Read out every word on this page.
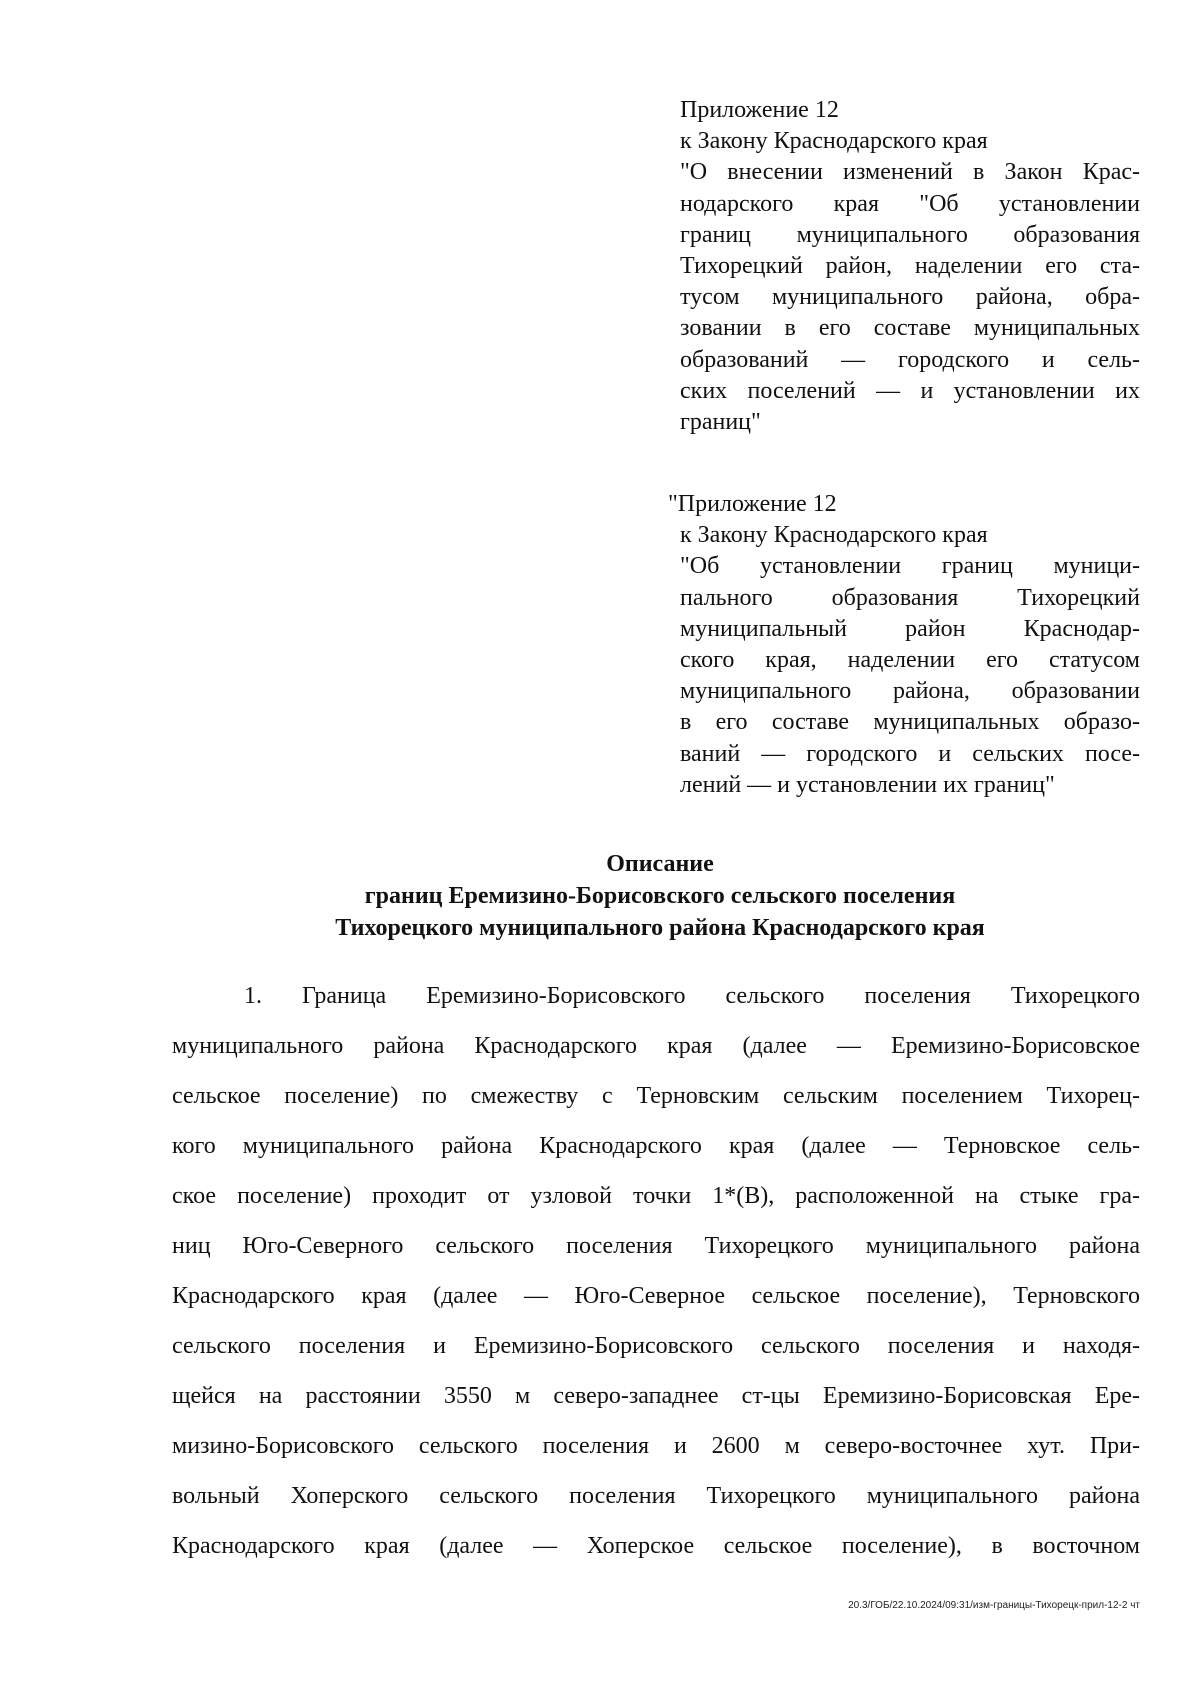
Приложение 12
к Закону Краснодарского края
"О внесении изменений в Закон Крас-
нодарского края "Об установлении
границ муниципального образования
Тихорецкий район, наделении его ста-
тусом муниципального района, обра-
зовании в его составе муниципальных
образований — городского и сель-
ских поселений — и установлении их
границ"
"Приложение 12
к Закону Краснодарского края
"Об установлении границ муници-
пального образования Тихорецкий
муниципальный район Краснодар-
ского края, наделении его статусом
муниципального района, образовании
в его составе муниципальных образо-
ваний — городского и сельских посе-
лений — и установлении их границ"
Описание
границ Еремизино-Борисовского сельского поселения
Тихорецкого муниципального района Краснодарского края
1. Граница Еремизино-Борисовского сельского поселения Тихорецкого
муниципального района Краснодарского края (далее — Еремизино-Борисовское
сельское поселение) по смежеству с Терновским сельским поселением Тихорец-
кого муниципального района Краснодарского края (далее — Терновское сель-
ское поселение) проходит от узловой точки 1*(В), расположенной на стыке гра-
ниц Юго-Северного сельского поселения Тихорецкого муниципального района
Краснодарского края (далее — Юго-Северное сельское поселение), Терновского
сельского поселения и Еремизино-Борисовского сельского поселения и находя-
щейся на расстоянии 3550 м северо-западнее ст-цы Еремизино-Борисовская Ере-
мизино-Борисовского сельского поселения и 2600 м северо-восточнее хут. При-
вольный Хоперского сельского поселения Тихорецкого муниципального района
Краснодарского края (далее — Хоперское сельское поселение), в восточном
20.3/ГОБ/22.10.2024/09:31/изм-границы-Тихорецк-прил-12-2 чт
